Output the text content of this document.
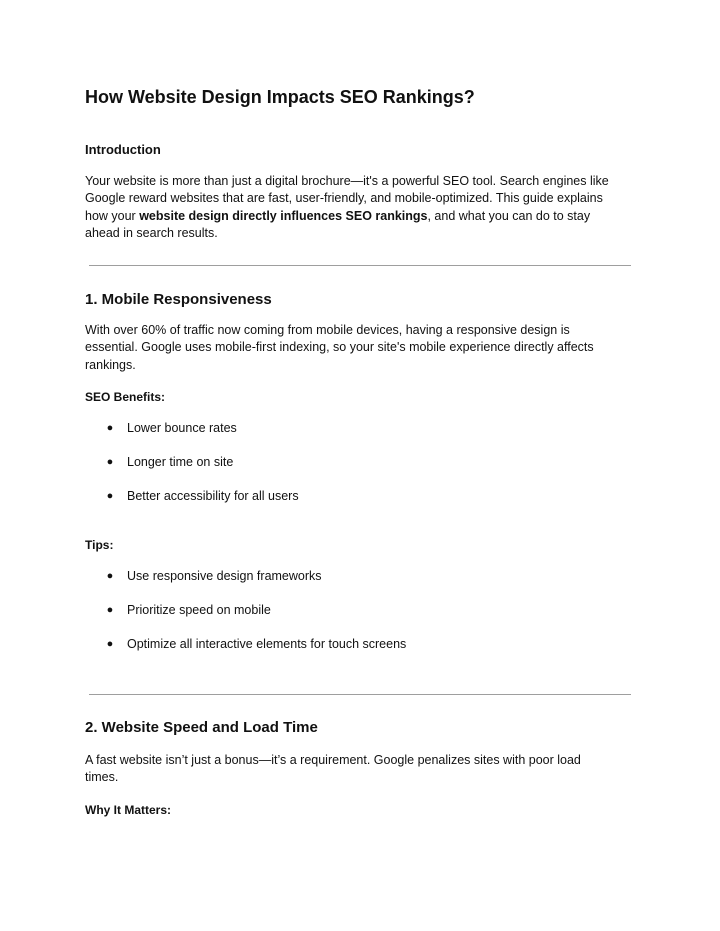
How Website Design Impacts SEO Rankings?
Introduction
Your website is more than just a digital brochure—it's a powerful SEO tool. Search engines like
Google reward websites that are fast, user-friendly, and mobile-optimized. This guide explains
how your website design directly influences SEO rankings, and what you can do to stay
ahead in search results.
1. Mobile Responsiveness
With over 60% of traffic now coming from mobile devices, having a responsive design is
essential. Google uses mobile-first indexing, so your site's mobile experience directly affects
rankings.
SEO Benefits:
● Lower bounce rates
● Longer time on site
● Better accessibility for all users
Tips:
● Use responsive design frameworks
● Prioritize speed on mobile
● Optimize all interactive elements for touch screens
2. Website Speed and Load Time
A fast website isn’t just a bonus—it’s a requirement. Google penalizes sites with poor load
times.
Why It Matters:
